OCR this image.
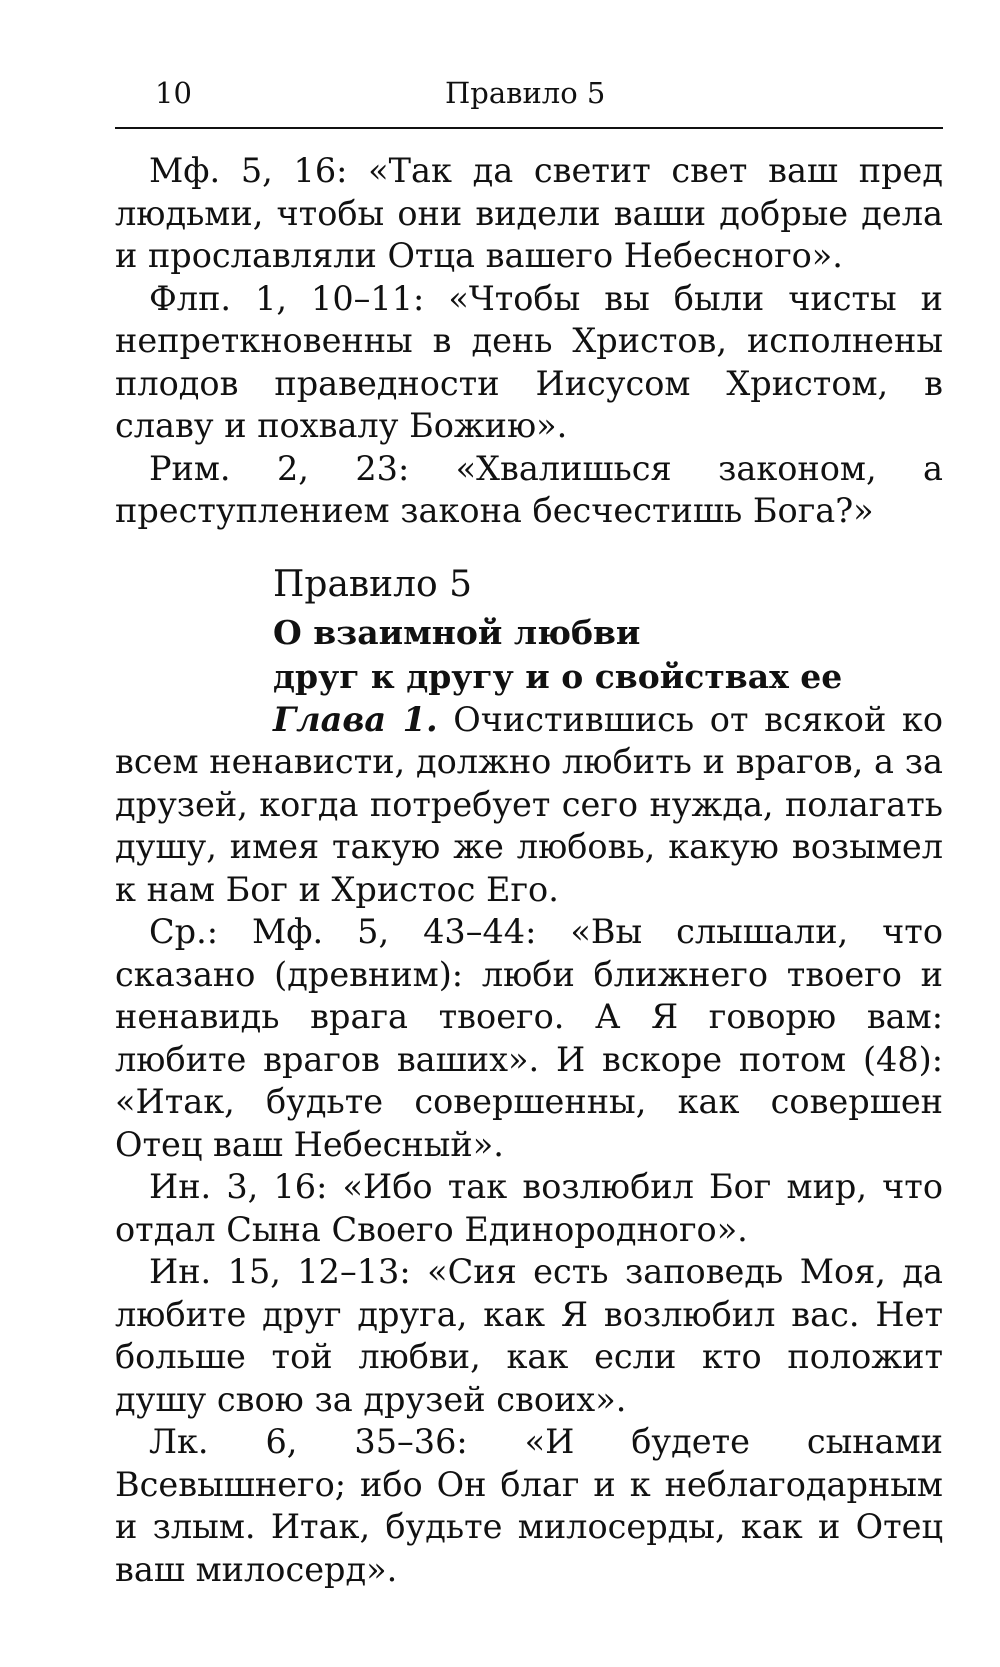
10	Правило 5

Мф. 5, 16: «Так да светит свет ваш пред людьми, чтобы они видели ваши добрые дела и прославляли Отца вашего Небесного».

Флп. 1, 10–11: «Чтобы вы были чисты и непреткновенны в день Христов, исполнены плодов праведности Иисусом Христом, в славу и похвалу Божию».

Рим. 2, 23: «Хвалишься законом, а преступлением закона бесчестишь Бога?»

Правило 5

О взаимной любви

друг к другу и о свойствах ее

Глава 1. Очистившись от всякой ко всем ненависти, должно любить и врагов, а за друзей, когда потребует сего нужда, полагать душу, имея такую же любовь, какую возымел к нам Бог и Христос Его.

Ср.: Мф. 5, 43–44: «Вы слышали, что сказано (древним): люби ближнего твоего и ненавидь врага твоего. А Я говорю вам: любите врагов ваших». И вскоре потом (48): «Итак, будьте совершенны, как совершен Отец ваш Небесный».

Ин. 3, 16: «Ибо так возлюбил Бог мир, что отдал Сына Своего Единородного».

Ин. 15, 12–13: «Сия есть заповедь Моя, да любите друг друга, как Я возлюбил вас. Нет больше той любви, как если кто положит душу свою за друзей своих».

Лк. 6, 35–36: «И будете сынами Всевышнего; ибо Он благ и к неблагодарным и злым. Итак, будьте милосерды, как и Отец ваш милосерд».
